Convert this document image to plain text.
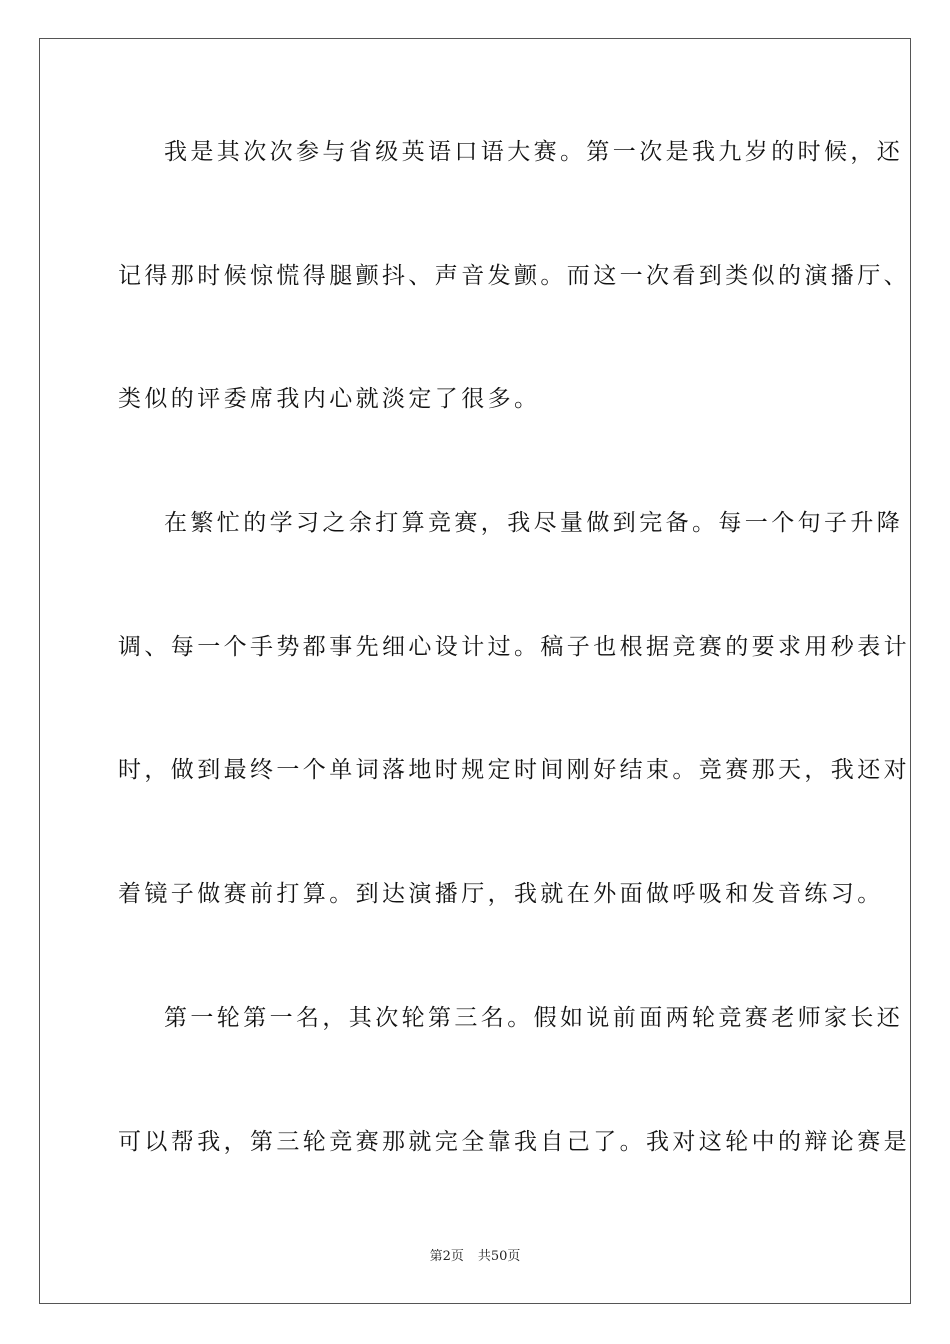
我是其次次参与省级英语口语大赛。第一次是我九岁的时候，还
记得那时候惊慌得腿颤抖、声音发颤。而这一次看到类似的演播厅、
类似的评委席我内心就淡定了很多。
在繁忙的学习之余打算竞赛，我尽量做到完备。每一个句子升降
调、每一个手势都事先细心设计过。稿子也根据竞赛的要求用秒表计
时，做到最终一个单词落地时规定时间刚好结束。竞赛那天，我还对
着镜子做赛前打算。到达演播厅，我就在外面做呼吸和发音练习。
第一轮第一名，其次轮第三名。假如说前面两轮竞赛老师家长还
可以帮我，第三轮竞赛那就完全靠我自己了。我对这轮中的辩论赛是
第2页 共50页
